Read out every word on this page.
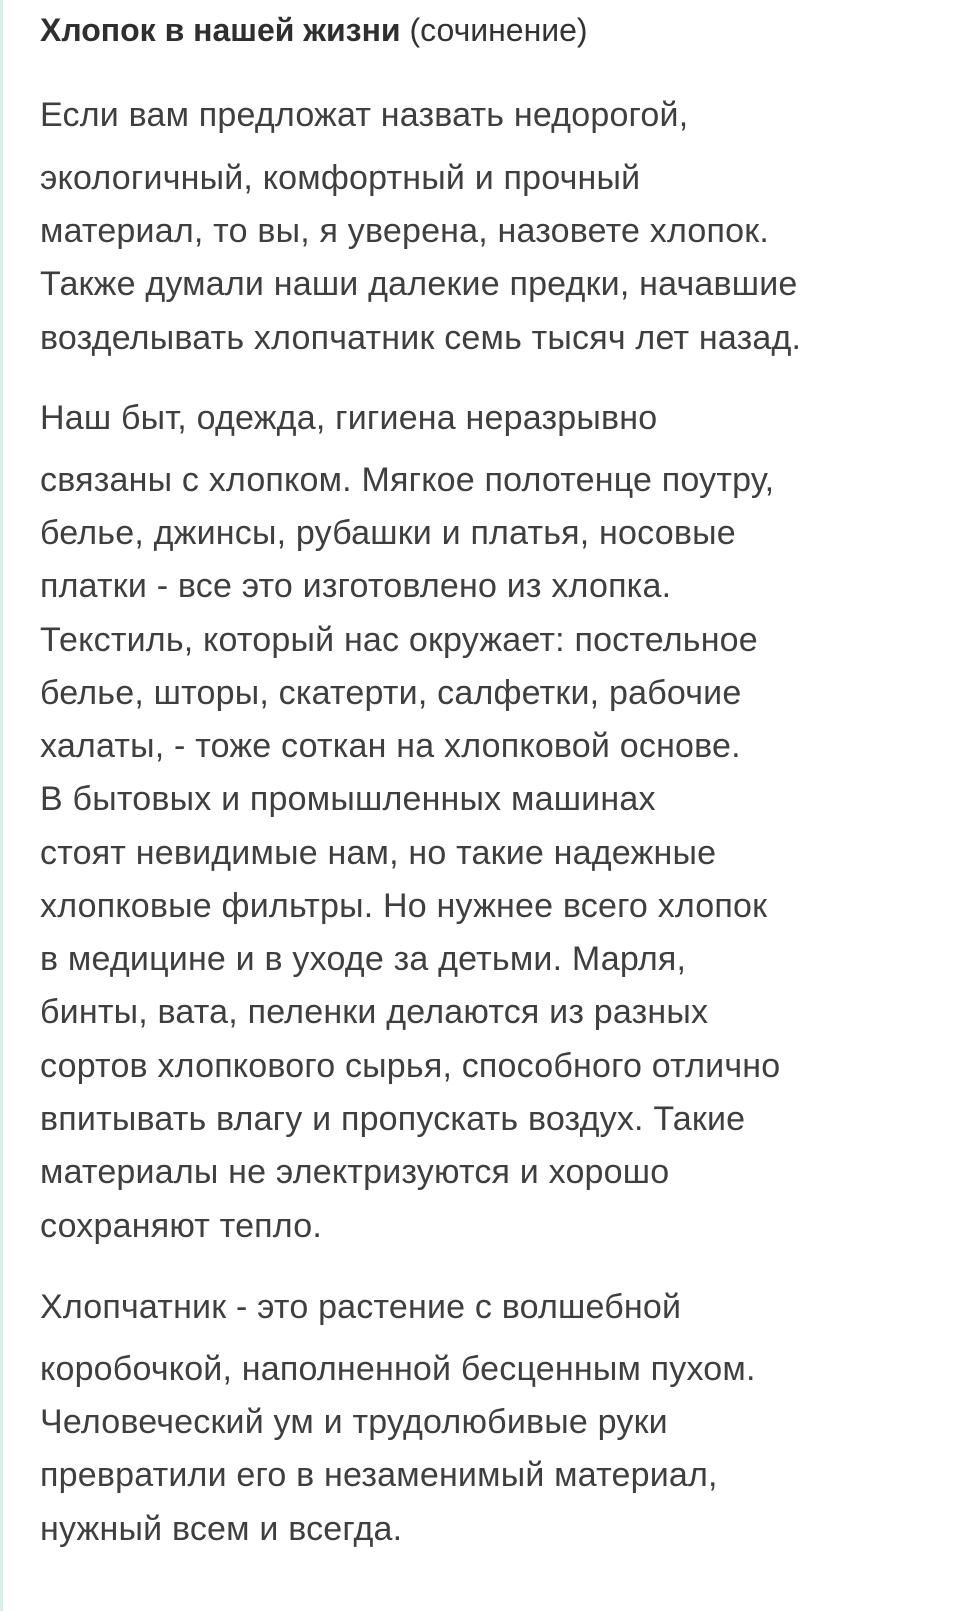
Хлопок в нашей жизни (сочинение)
Если вам предложат назвать недорогой,
экологичный, комфортный и прочный
материал, то вы, я уверена, назовете хлопок.
Также думали наши далекие предки, начавшие
возделывать хлопчатник семь тысяч лет назад.
Наш быт, одежда, гигиена неразрывно
связаны с хлопком. Мягкое полотенце поутру,
белье, джинсы, рубашки и платья, носовые
платки - все это изготовлено из хлопка.
Текстиль, который нас окружает: постельное
белье, шторы, скатерти, салфетки, рабочие
халаты, - тоже соткан на хлопковой основе.
В бытовых и промышленных машинах
стоят невидимые нам, но такие надежные
хлопковые фильтры. Но нужнее всего хлопок
в медицине и в уходе за детьми. Марля,
бинты, вата, пеленки делаются из разных
сортов хлопкового сырья, способного отлично
впитывать влагу и пропускать воздух. Такие
материалы не электризуются и хорошо
сохраняют тепло.
Хлопчатник - это растение с волшебной
коробочкой, наполненной бесценным пухом.
Человеческий ум и трудолюбивые руки
превратили его в незаменимый материал,
нужный всем и всегда.
